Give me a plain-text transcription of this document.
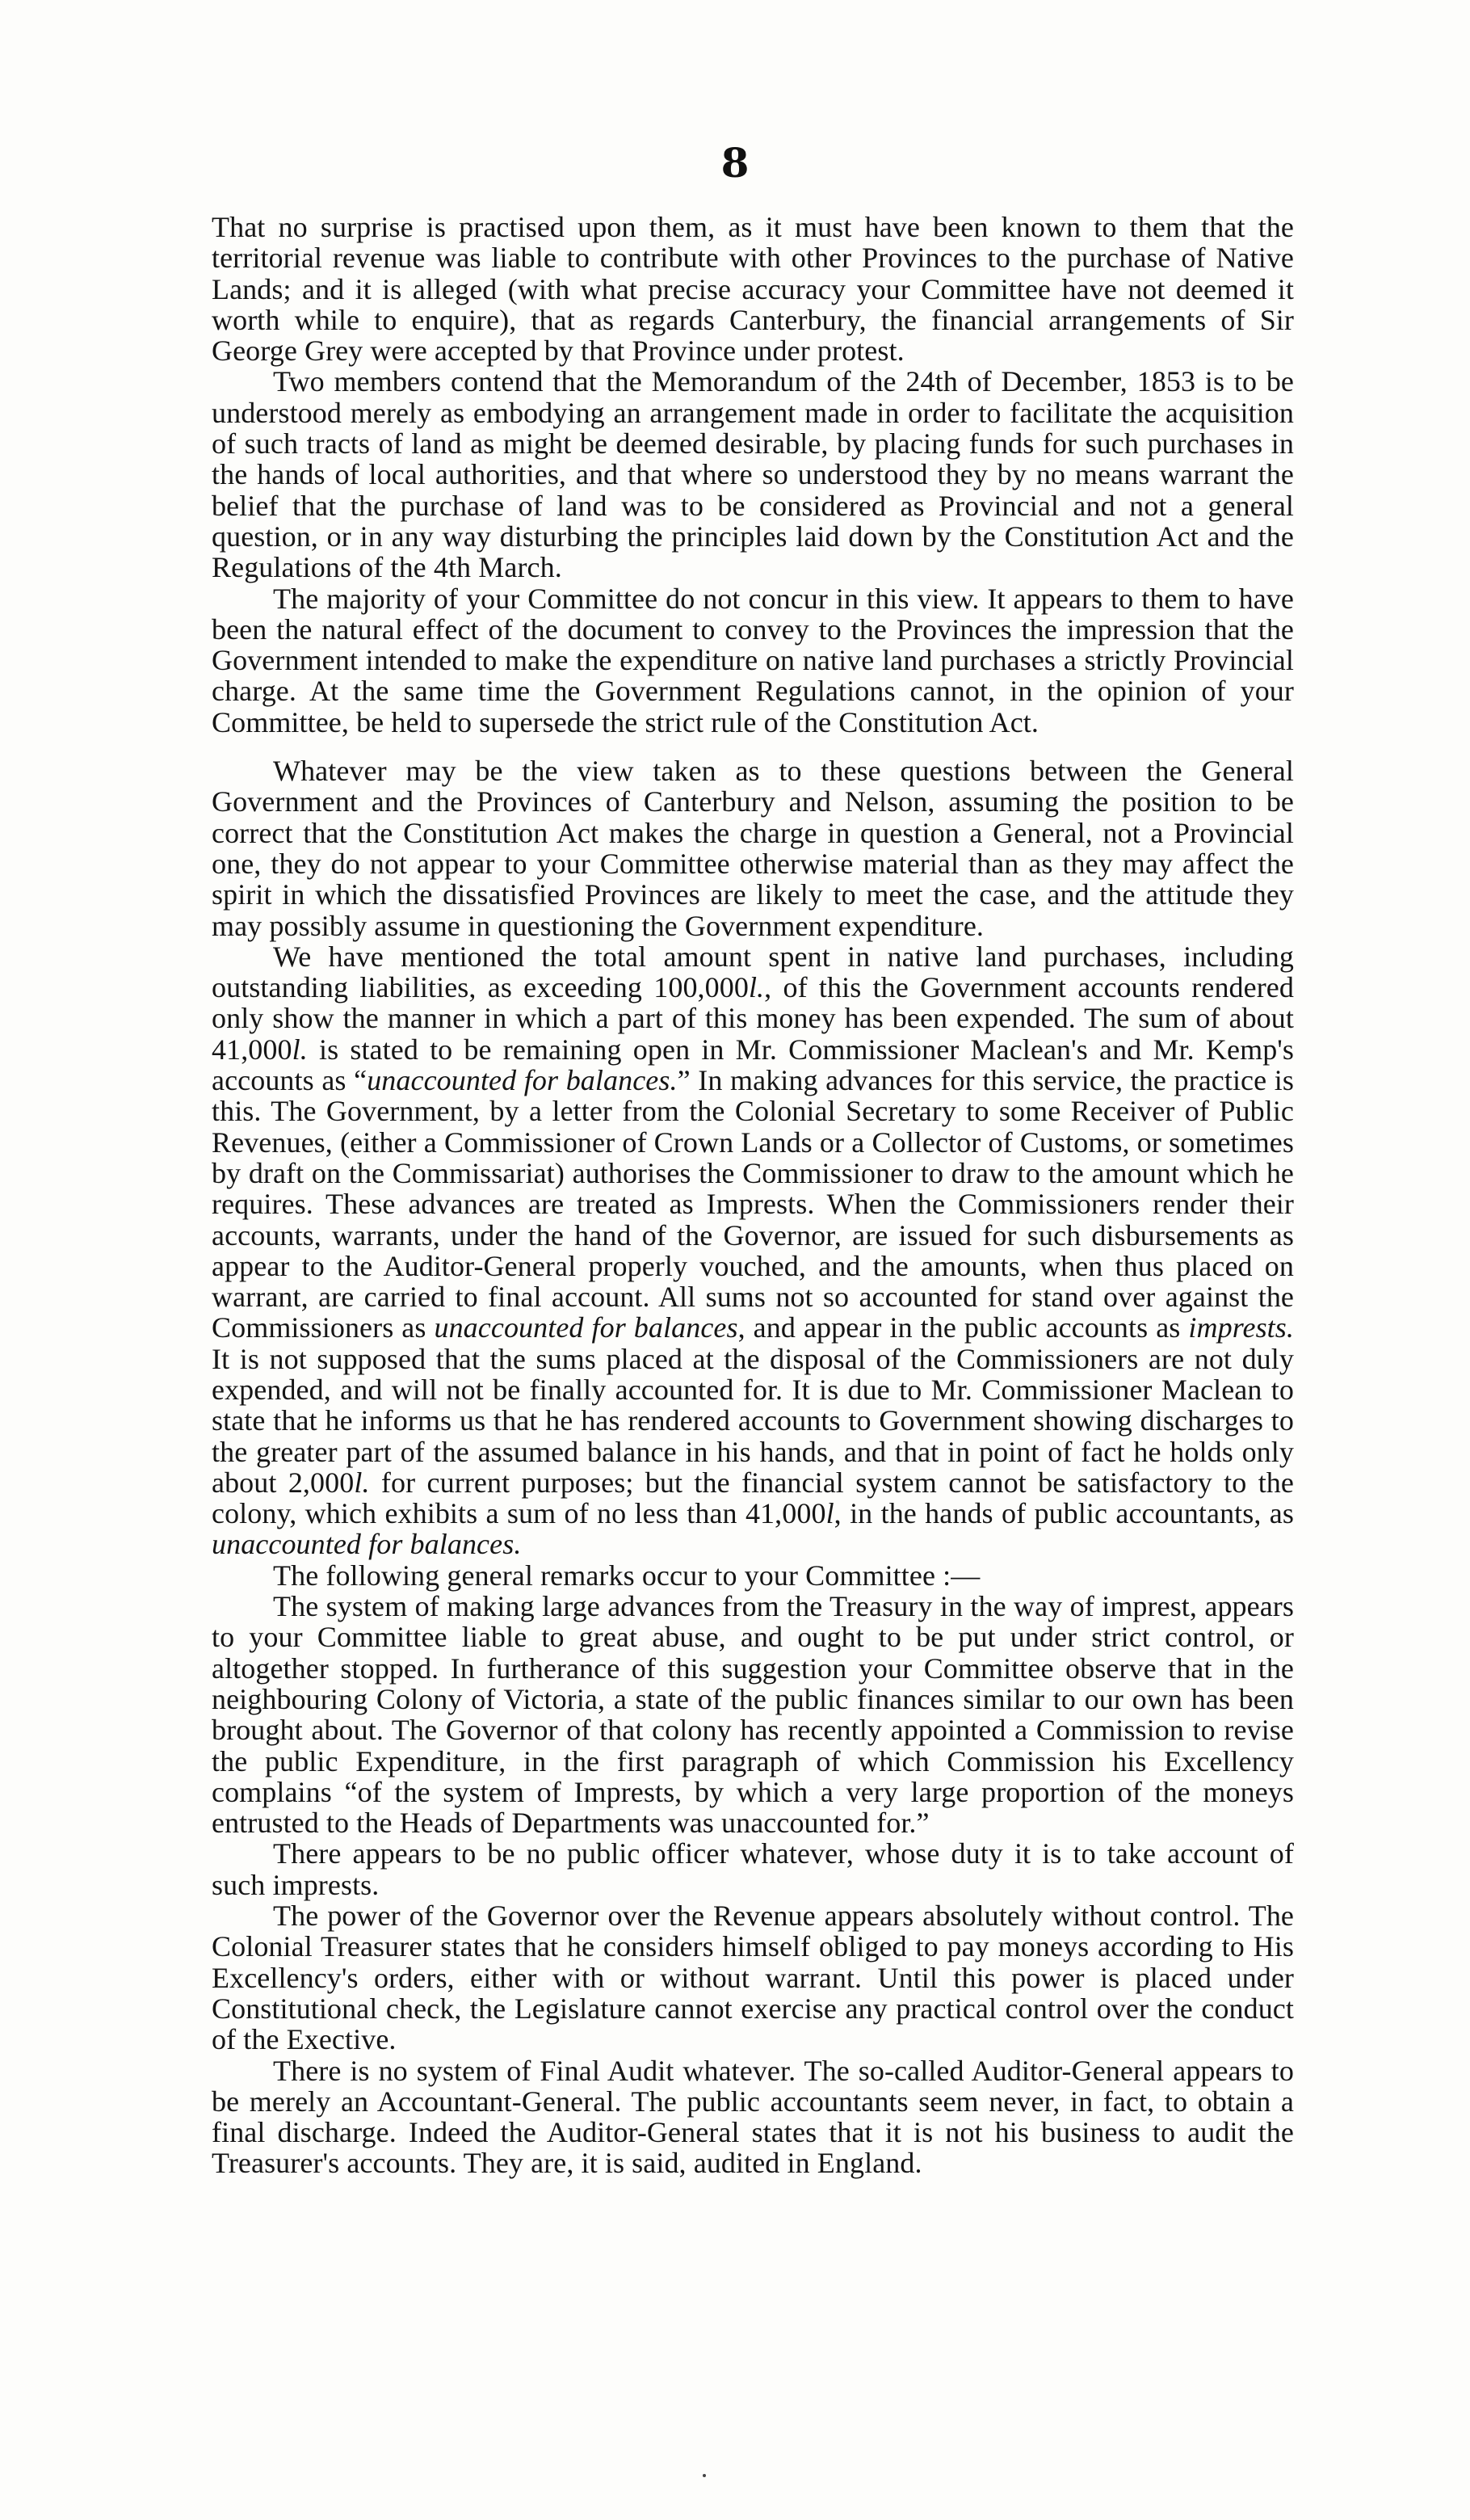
8

That no surprise is practised upon them, as it must have been known to them that the territorial revenue was liable to contribute with other Provinces to the purchase of Native Lands; and it is alleged (with what precise accuracy your Committee have not deemed it worth while to enquire), that as regards Canterbury, the financial arrangements of Sir George Grey were accepted by that Province under protest.

Two members contend that the Memorandum of the 24th of December, 1853 is to be understood merely as embodying an arrangement made in order to facilitate the acquisition of such tracts of land as might be deemed desirable, by placing funds for such purchases in the hands of local authorities, and that where so understood they by no means warrant the belief that the purchase of land was to be considered as Provincial and not a general question, or in any way disturbing the principles laid down by the Constitution Act and the Regulations of the 4th March.

The majority of your Committee do not concur in this view. It appears to them to have been the natural effect of the document to convey to the Provinces the impression that the Government intended to make the expenditure on native land purchases a strictly Provincial charge. At the same time the Government Regulations cannot, in the opinion of your Committee, be held to supersede the strict rule of the Constitution Act.

Whatever may be the view taken as to these questions between the General Government and the Provinces of Canterbury and Nelson, assuming the position to be correct that the Constitution Act makes the charge in question a General, not a Provincial one, they do not appear to your Committee otherwise material than as they may affect the spirit in which the dissatisfied Provinces are likely to meet the case, and the attitude they may possibly assume in questioning the Government expenditure.

We have mentioned the total amount spent in native land purchases, including outstanding liabilities, as exceeding 100,000l., of this the Government accounts rendered only show the manner in which a part of this money has been expended. The sum of about 41,000l. is stated to be remaining open in Mr. Commissioner Maclean's and Mr. Kemp's accounts as “unaccounted for balances.” In making advances for this service, the practice is this. The Government, by a letter from the Colonial Secretary to some Receiver of Public Revenues, (either a Commissioner of Crown Lands or a Collector of Customs, or sometimes by draft on the Commissariat) authorises the Commissioner to draw to the amount which he requires. These advances are treated as Imprests. When the Commissioners render their accounts, warrants, under the hand of the Governor, are issued for such disbursements as appear to the Auditor-General properly vouched, and the amounts, when thus placed on warrant, are carried to final account. All sums not so accounted for stand over against the Commissioners as unaccounted for balances, and appear in the public accounts as imprests. It is not supposed that the sums placed at the disposal of the Commissioners are not duly expended, and will not be finally accounted for. It is due to Mr. Commissioner Maclean to state that he informs us that he has rendered accounts to Government showing discharges to the greater part of the assumed balance in his hands, and that in point of fact he holds only about 2,000l. for current purposes; but the financial system cannot be satisfactory to the colony, which exhibits a sum of no less than 41,000l, in the hands of public accountants, as unaccounted for balances.

The following general remarks occur to your Committee :—

The system of making large advances from the Treasury in the way of imprest, appears to your Committee liable to great abuse, and ought to be put under strict control, or altogether stopped. In furtherance of this suggestion your Committee observe that in the neighbouring Colony of Victoria, a state of the public finances similar to our own has been brought about. The Governor of that colony has recently appointed a Commission to revise the public Expenditure, in the first paragraph of which Commission his Excellency complains “of the system of Imprests, by which a very large proportion of the moneys entrusted to the Heads of Departments was unaccounted for.”

There appears to be no public officer whatever, whose duty it is to take account of such imprests.

The power of the Governor over the Revenue appears absolutely without control. The Colonial Treasurer states that he considers himself obliged to pay moneys according to His Excellency's orders, either with or without warrant. Until this power is placed under Constitutional check, the Legislature cannot exercise any practical control over the conduct of the Exective.

There is no system of Final Audit whatever. The so-called Auditor-General appears to be merely an Accountant-General. The public accountants seem never, in fact, to obtain a final discharge. Indeed the Auditor-General states that it is not his business to audit the Treasurer's accounts. They are, it is said, audited in England.
